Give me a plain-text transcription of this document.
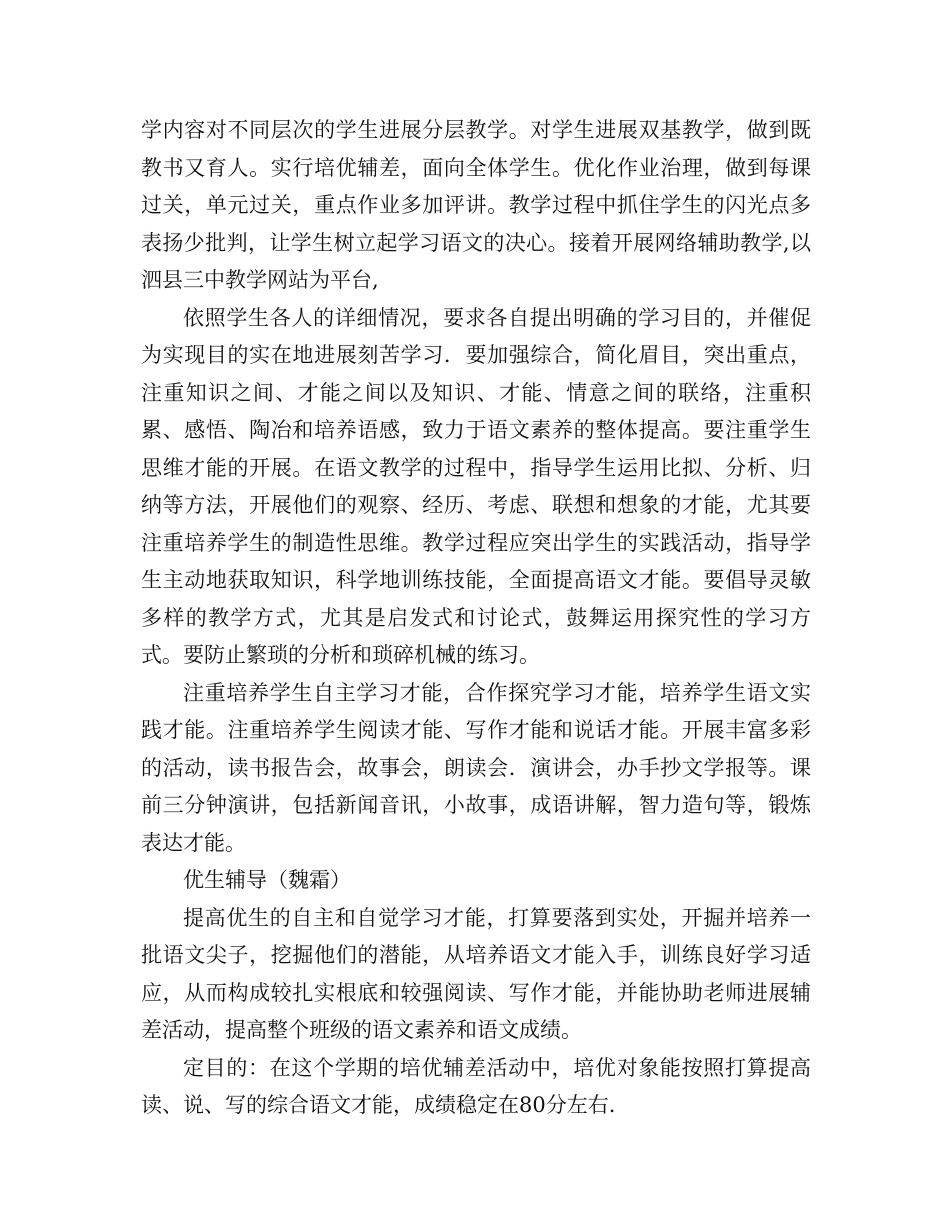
学内容对不同层次的学生进展分层教学。对学生进展双基教学，做到既教书又育人。实行培优辅差，面向全体学生。优化作业治理，做到每课过关，单元过关，重点作业多加评讲。教学过程中抓住学生的闪光点多表扬少批判，让学生树立起学习语文的决心。接着开展网络辅助教学,以泗县三中教学网站为平台,

依照学生各人的详细情况，要求各自提出明确的学习目的，并催促为实现目的实在地进展刻苦学习．要加强综合，简化眉目，突出重点，注重知识之间、才能之间以及知识、才能、情意之间的联络，注重积累、感悟、陶冶和培养语感，致力于语文素养的整体提高。要注重学生思维才能的开展。在语文教学的过程中，指导学生运用比拟、分析、归纳等方法，开展他们的观察、经历、考虑、联想和想象的才能，尤其要注重培养学生的制造性思维。教学过程应突出学生的实践活动，指导学生主动地获取知识，科学地训练技能，全面提高语文才能。要倡导灵敏多样的教学方式，尤其是启发式和讨论式，鼓舞运用探究性的学习方式。要防止繁琐的分析和琐碎机械的练习。

注重培养学生自主学习才能，合作探究学习才能，培养学生语文实践才能。注重培养学生阅读才能、写作才能和说话才能。开展丰富多彩的活动，读书报告会，故事会，朗读会．演讲会，办手抄文学报等。课前三分钟演讲，包括新闻音讯，小故事，成语讲解，智力造句等，锻炼表达才能。

优生辅导（魏霜）

提高优生的自主和自觉学习才能，打算要落到实处，开掘并培养一批语文尖子，挖掘他们的潜能，从培养语文才能入手，训练良好学习适应，从而构成较扎实根底和较强阅读、写作才能，并能协助老师进展辅差活动，提高整个班级的语文素养和语文成绩。

定目的：在这个学期的培优辅差活动中，培优对象能按照打算提高读、说、写的综合语文才能，成绩稳定在80分左右.
